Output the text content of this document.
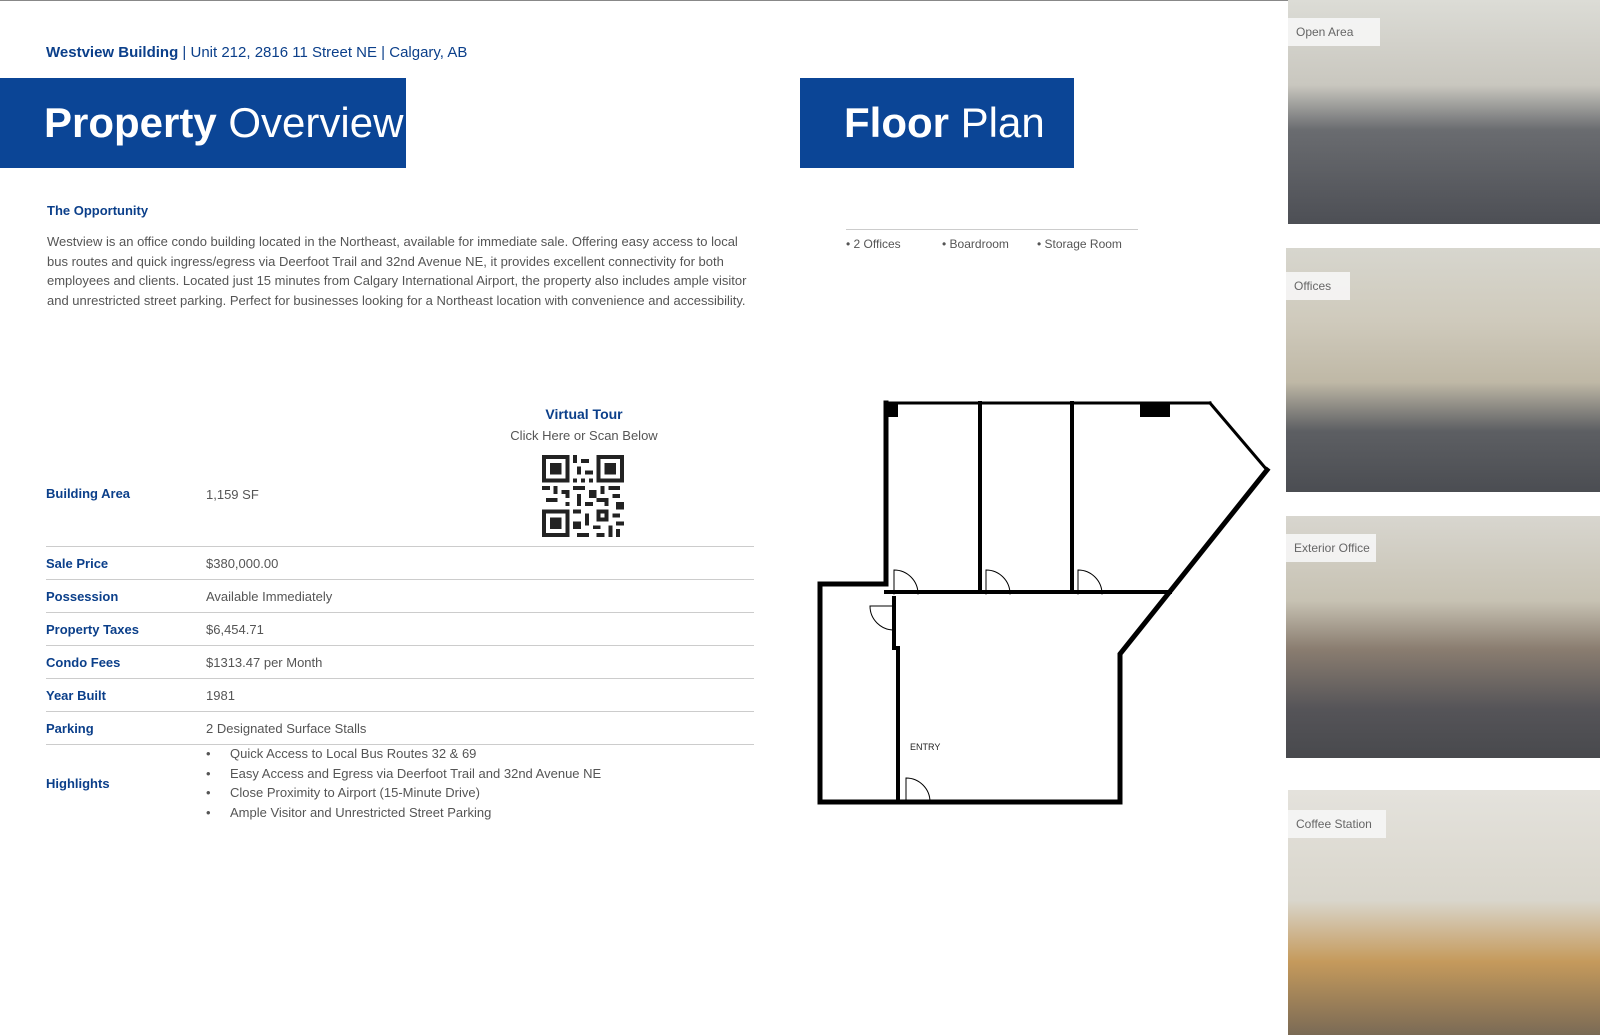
Westview Building | Unit 212, 2816 11 Street NE | Calgary, AB
Property Overview	Floor Plan
The Opportunity
Westview is an office condo building located in the Northeast, available for immediate sale. Offering easy access to local bus routes and quick ingress/egress via Deerfoot Trail and 32nd Avenue NE, it provides excellent connectivity for both employees and clients. Located just 15 minutes from Calgary International Airport, the property also includes ample visitor and unrestricted street parking. Perfect for businesses looking for a Northeast location with convenience and accessibility.
Virtual Tour
Click Here or Scan Below
Building Area	1,159 SF
Sale Price	$380,000.00
Possession	Available Immediately
Property Taxes	$6,454.71
Condo Fees	$1313.47 per Month
Year Built	1981
Parking	2 Designated Surface Stalls
Highlights
• Quick Access to Local Bus Routes 32 & 69
• Easy Access and Egress via Deerfoot Trail and 32nd Avenue NE
• Close Proximity to Airport (15-Minute Drive)
• Ample Visitor and Unrestricted Street Parking
• 2 Offices	• Boardroom	• Storage Room
ENTRY
Open Area
Offices
Exterior Office
Coffee Station
